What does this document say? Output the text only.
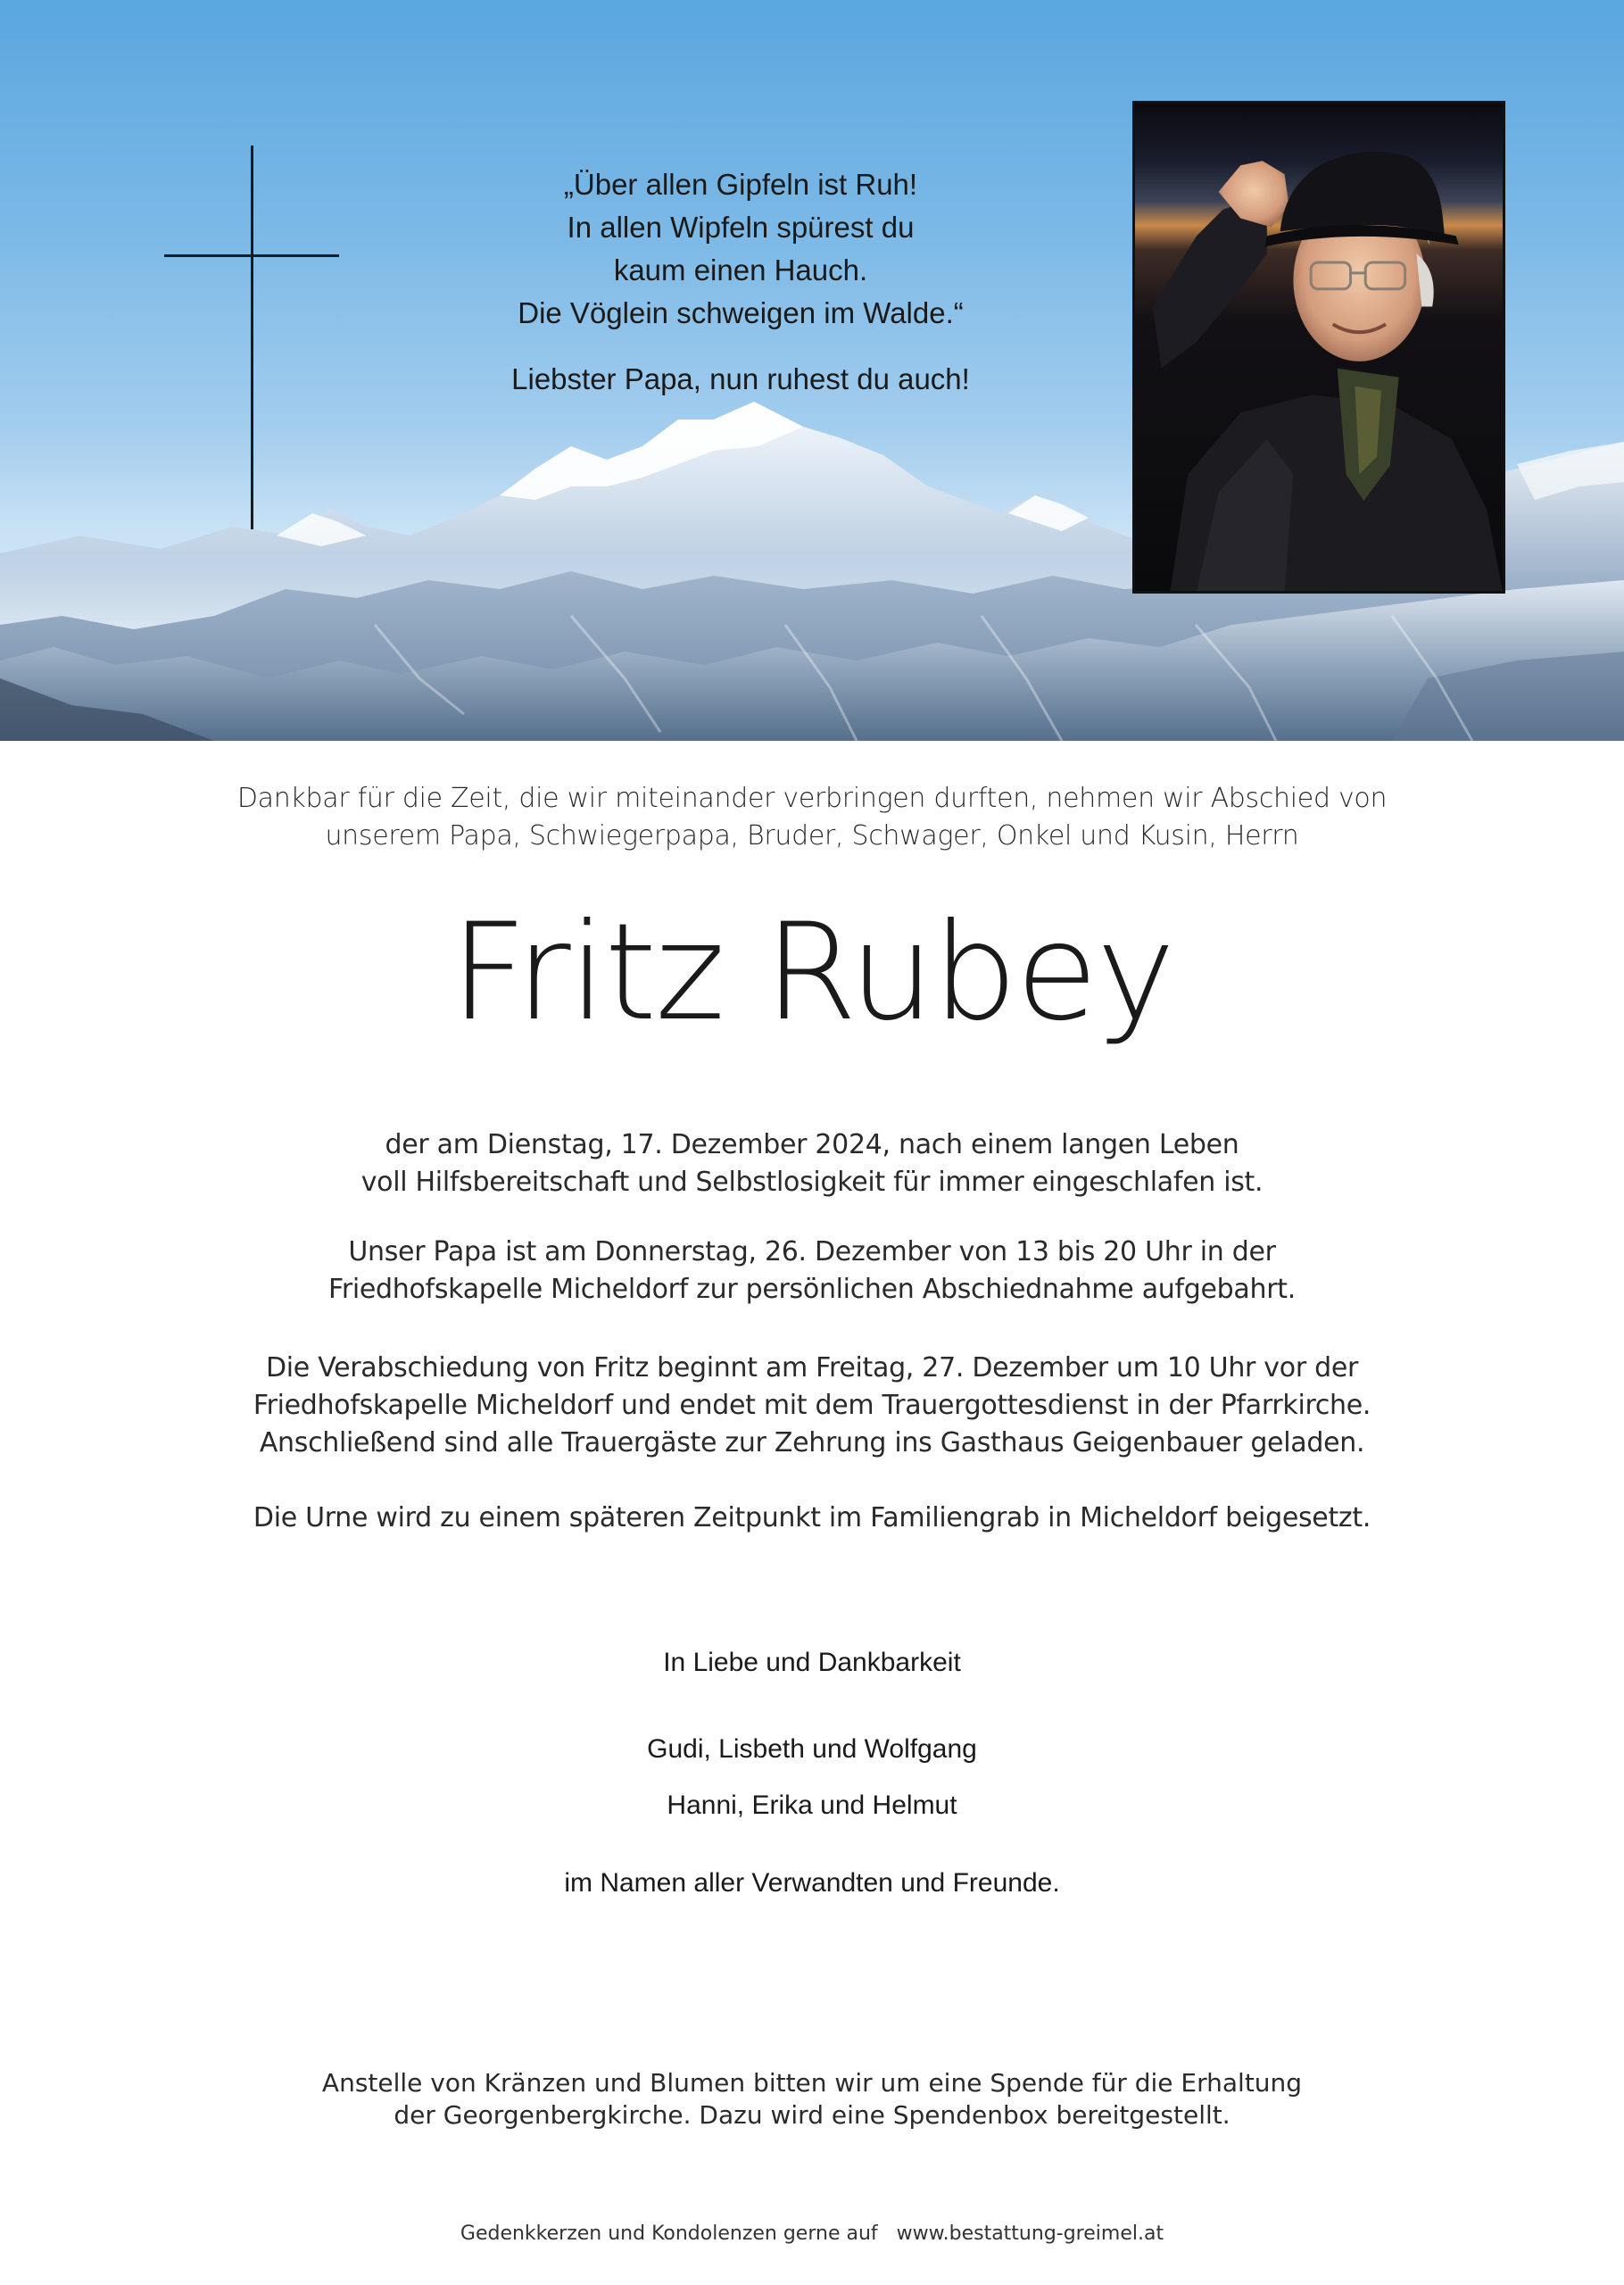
„Über allen Gipfeln ist Ruh!
In allen Wipfeln spürest du
kaum einen Hauch.
Die Vöglein schweigen im Walde.“
Liebster Papa, nun ruhest du auch!
Dankbar für die Zeit, die wir miteinander verbringen durften, nehmen wir Abschied von
unserem Papa, Schwiegerpapa, Bruder, Schwager, Onkel und Kusin, Herrn
Fritz Rubey
der am Dienstag, 17. Dezember 2024, nach einem langen Leben
voll Hilfsbereitschaft und Selbstlosigkeit für immer eingeschlafen ist.
Unser Papa ist am Donnerstag, 26. Dezember von 13 bis 20 Uhr in der
Friedhofskapelle Micheldorf zur persönlichen Abschiednahme aufgebahrt.
Die Verabschiedung von Fritz beginnt am Freitag, 27. Dezember um 10 Uhr vor der
Friedhofskapelle Micheldorf und endet mit dem Trauergottesdienst in der Pfarrkirche.
Anschließend sind alle Trauergäste zur Zehrung ins Gasthaus Geigenbauer geladen.
Die Urne wird zu einem späteren Zeitpunkt im Familiengrab in Micheldorf beigesetzt.
In Liebe und Dankbarkeit
Gudi, Lisbeth und Wolfgang
Hanni, Erika und Helmut
im Namen aller Verwandten und Freunde.
Anstelle von Kränzen und Blumen bitten wir um eine Spende für die Erhaltung
der Georgenbergkirche. Dazu wird eine Spendenbox bereitgestellt.
Gedenkkerzen und Kondolenzen gerne auf www.bestattung-greimel.at
